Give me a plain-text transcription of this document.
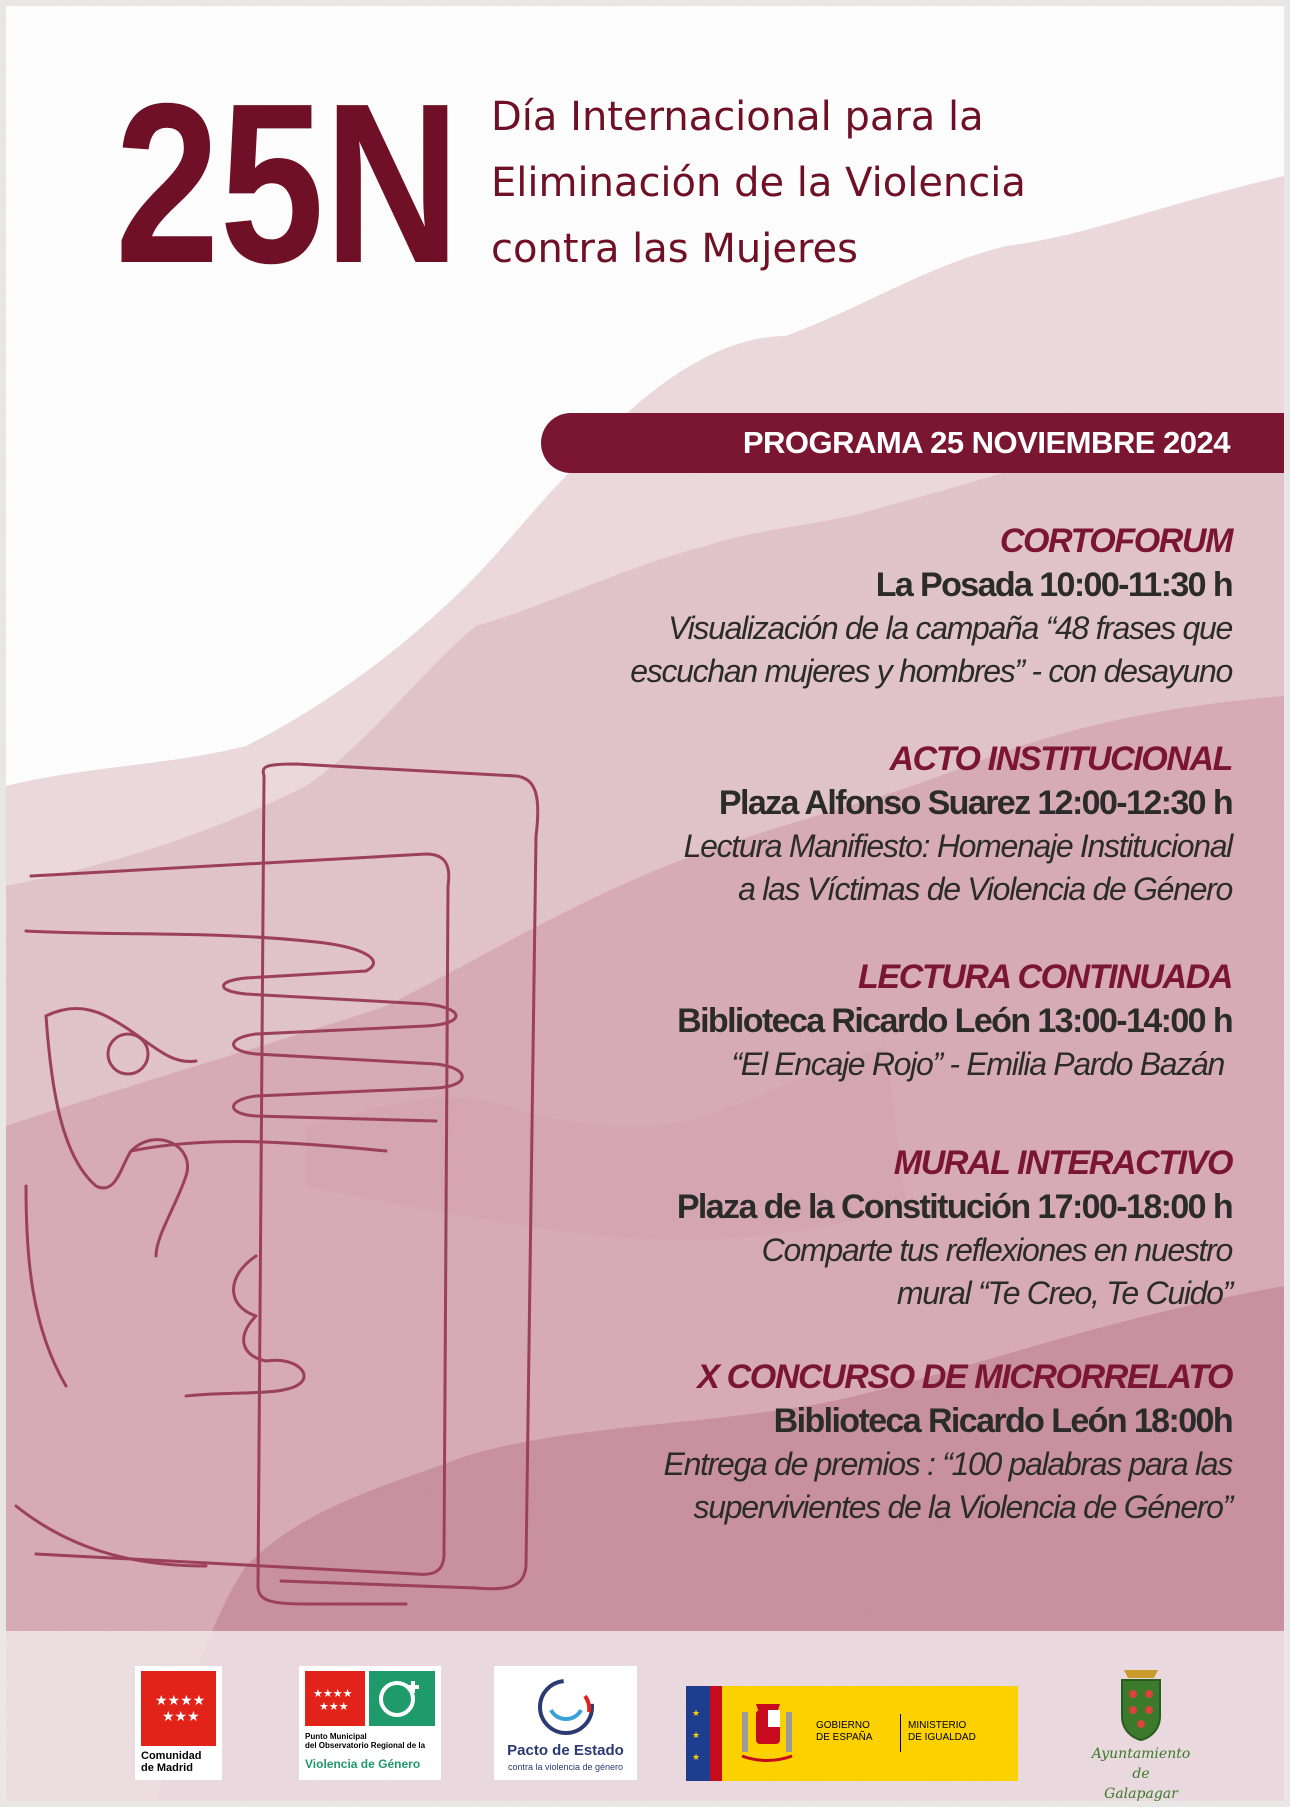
25N Día Internacional para la
Eliminación de la Violencia
contra las Mujeres
PROGRAMA 25 NOVIEMBRE 2024
CORTOFORUM
La Posada 10:00-11:30 h
Visualización de la campaña “48 frases que
escuchan mujeres y hombres” - con desayuno
ACTO INSTITUCIONAL
Plaza Alfonso Suarez 12:00-12:30 h
Lectura Manifiesto: Homenaje Institucional
a las Víctimas de Violencia de Género
LECTURA CONTINUADA
Biblioteca Ricardo León 13:00-14:00 h
“El Encaje Rojo” - Emilia Pardo Bazán
MURAL INTERACTIVO
Plaza de la Constitución 17:00-18:00 h
Comparte tus reflexiones en nuestro
mural “Te Creo, Te Cuido”
X CONCURSO DE MICRORRELATO
Biblioteca Ricardo León 18:00h
Entrega de premios : “100 palabras para las
supervivientes de la Violencia de Género”
★★★★
★★★
Comunidad
de Madrid
★★★★
★★★
Punto Municipal
del Observatorio Regional de la
Violencia de Género
Pacto de Estado
contra la violencia de género
★
★
★
GOBIERNO
DE ESPAÑA
MINISTERIO
DE IGUALDAD
Ayuntamiento de
Galapagar
